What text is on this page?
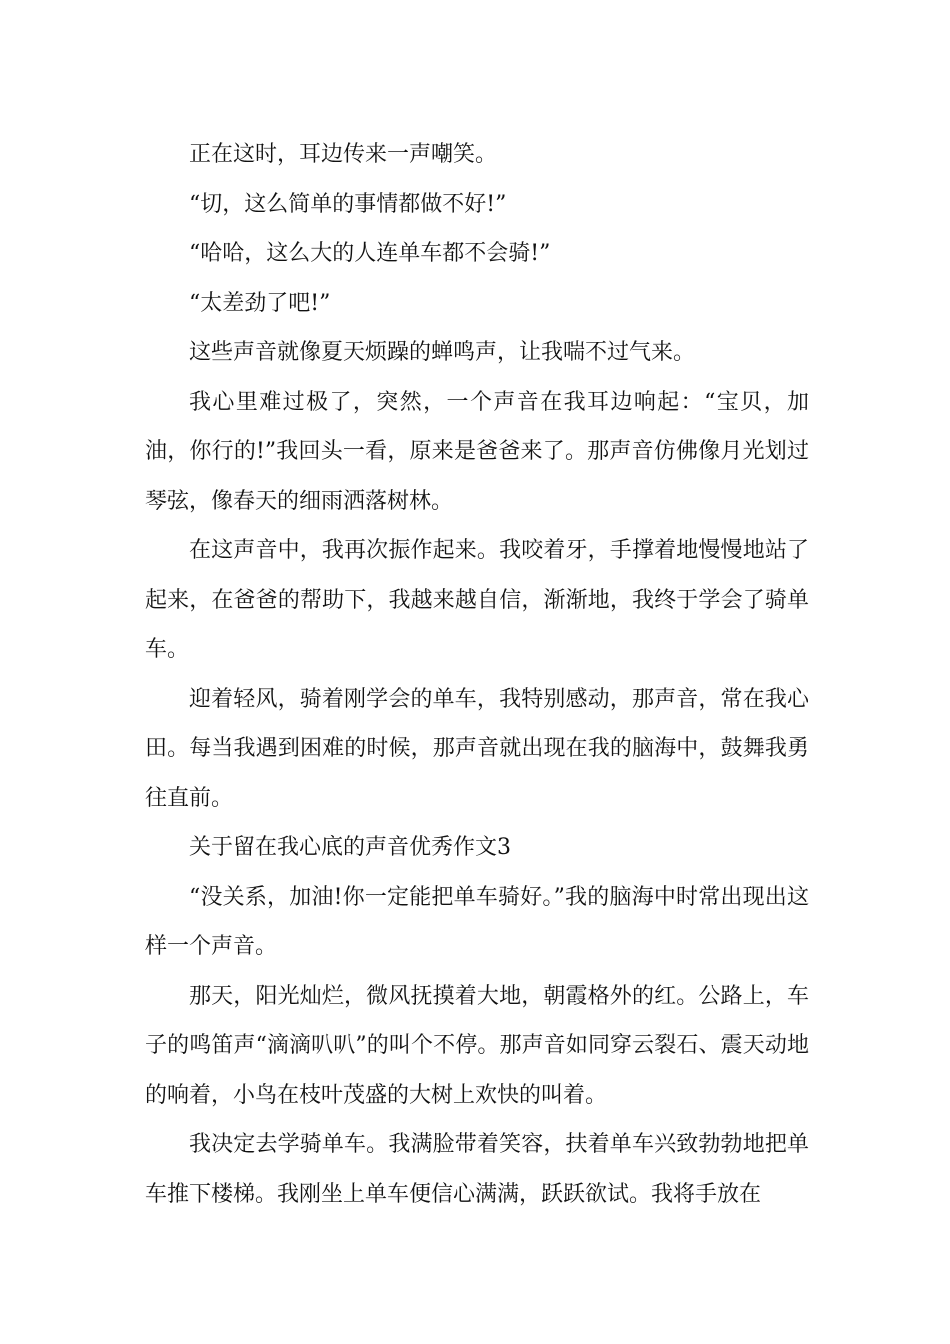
正在这时，耳边传来一声嘲笑。

“切，这么简单的事情都做不好!”

“哈哈，这么大的人连单车都不会骑!”

“太差劲了吧!”

这些声音就像夏天烦躁的蝉鸣声，让我喘不过气来。

我心里难过极了，突然，一个声音在我耳边响起：“宝贝，加油，你行的!”我回头一看，原来是爸爸来了。那声音仿佛像月光划过琴弦，像春天的细雨洒落树林。

在这声音中，我再次振作起来。我咬着牙，手撑着地慢慢地站了起来，在爸爸的帮助下，我越来越自信，渐渐地，我终于学会了骑单车。

迎着轻风，骑着刚学会的单车，我特别感动，那声音，常在我心田。每当我遇到困难的时候，那声音就出现在我的脑海中，鼓舞我勇往直前。

关于留在我心底的声音优秀作文3

“没关系，加油!你一定能把单车骑好。”我的脑海中时常出现出这样一个声音。

那天，阳光灿烂，微风抚摸着大地，朝霞格外的红。公路上，车子的鸣笛声“滴滴叭叭”的叫个不停。那声音如同穿云裂石、震天动地的响着，小鸟在枝叶茂盛的大树上欢快的叫着。

我决定去学骑单车。我满脸带着笑容，扶着单车兴致勃勃地把单车推下楼梯。我刚坐上单车便信心满满，跃跃欲试。我将手放在
